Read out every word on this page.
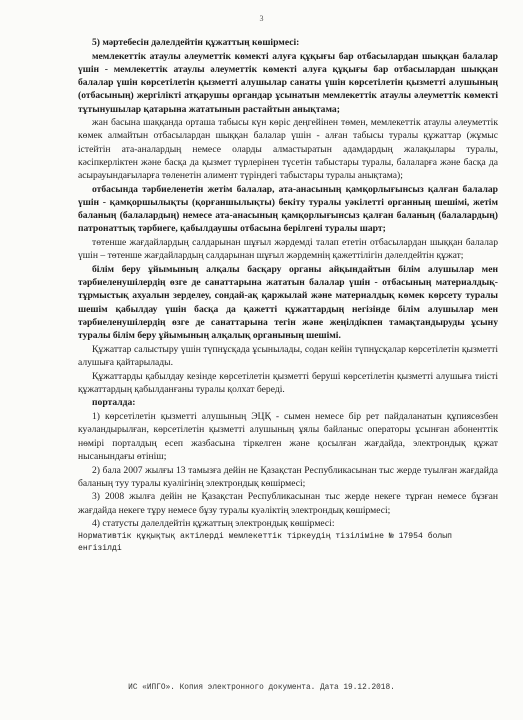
3

5) мәртебесін дәлелдейтін құжаттың көшірмесі:

мемлекеттік атаулы әлеуметтік көмекті алуға құқығы бар отбасылардан шыққан балалар үшін - мемлекеттік атаулы әлеуметтік көмекті алуға құқығы бар отбасылардан шыққан балалар үшін көрсетілетін қызметті алушылар санаты үшін көрсетілетін қызметті алушының (отбасының) жергілікті атқарушы органдар ұсынатын мемлекеттік атаулы әлеуметтік көмекті тұтынушылар қатарына жататынын растайтын анықтама;

жан басына шаққанда орташа табысы күн көріс деңгейінен төмен, мемлекеттік атаулы әлеуметтік көмек алмайтын отбасылардан шыққан балалар үшін - алған табысы туралы құжаттар (жұмыс істейтін ата-аналардың немесе оларды алмастыратын адамдардың жалақылары туралы, кәсіпкерліктен және басқа да қызмет түрлерінен түсетін табыстары туралы, балаларға және басқа да асырауындағыларға төленетін алимент түріндегі табыстары туралы анықтама);

отбасында тәрбиеленетін жетім балалар, ата-анасының қамқорлығынсыз қалған балалар үшін - қамқоршылықты (қорғаншылықты) бекіту туралы уәкілетті органның шешімі, жетім баланың (балалардың) немесе ата-анасының қамқорлығынсыз қалған баланың (балалардың) патронаттық тәрбиеге, қабылдаушы отбасына берілгені туралы шарт;

төтенше жағдайлардың салдарынан шұғыл жәрдемді талап ететін отбасылардан шыққан балалар үшін – төтенше жағдайлардың салдарынан шұғыл жәрдемнің қажеттілігін дәлелдейтін құжат;

білім беру ұйымының алқалы басқару органы айқындайтын білім алушылар мен тәрбиеленушілердің өзге де санаттарына жататын балалар үшін - отбасының материалдық-тұрмыстық ахуалын зерделеу, сондай-ақ қаржылай және материалдық көмек көрсету туралы шешім қабылдау үшін басқа да қажетті құжаттардың негізінде білім алушылар мен тәрбиеленушілердің өзге де санаттарына тегін және жеңілдікпен тамақтандыруды ұсыну туралы білім беру ұйымының алқалық органының шешімі.

Құжаттар салыстыру үшін түпнұсқада ұсынылады, содан кейін түпнұсқалар көрсетілетін қызметті алушыға қайтарылады.

Құжаттарды қабылдау кезінде көрсетілетін қызметті беруші көрсетілетін қызметті алушыға тиісті құжаттардың қабылданғаны туралы қолхат береді.

порталда:

1) көрсетілетін қызметті алушының ЭЦҚ - сымен немесе бір рет пайдаланатын құпиясөзбен куәландырылған, көрсетілетін қызметті алушының ұялы байланыс операторы ұсынған абоненттік нөмірі порталдың есеп жазбасына тіркелген және қосылған жағдайда, электрондық құжат нысанындағы өтініш;

2) бала 2007 жылғы 13 тамызға дейін не Қазақстан Республикасынан тыс жерде туылған жағдайда баланың туу туралы куәлігінің электрондық көшірмесі;

3) 2008 жылға дейін не Қазақстан Республикасынан тыс жерде некеге тұрған немесе бұзған жағдайда некеге тұру немесе бұзу туралы куәліктің электрондық көшірмесі;

4) статусты дәлелдейтін құжаттың электрондық көшірмесі:

Нормативтік құқықтық актілерді мемлекеттік тіркеудің тізіліміне № 17954 болып енгізілді

ИС «ИПГО». Копия электронного документа. Дата 19.12.2018.
